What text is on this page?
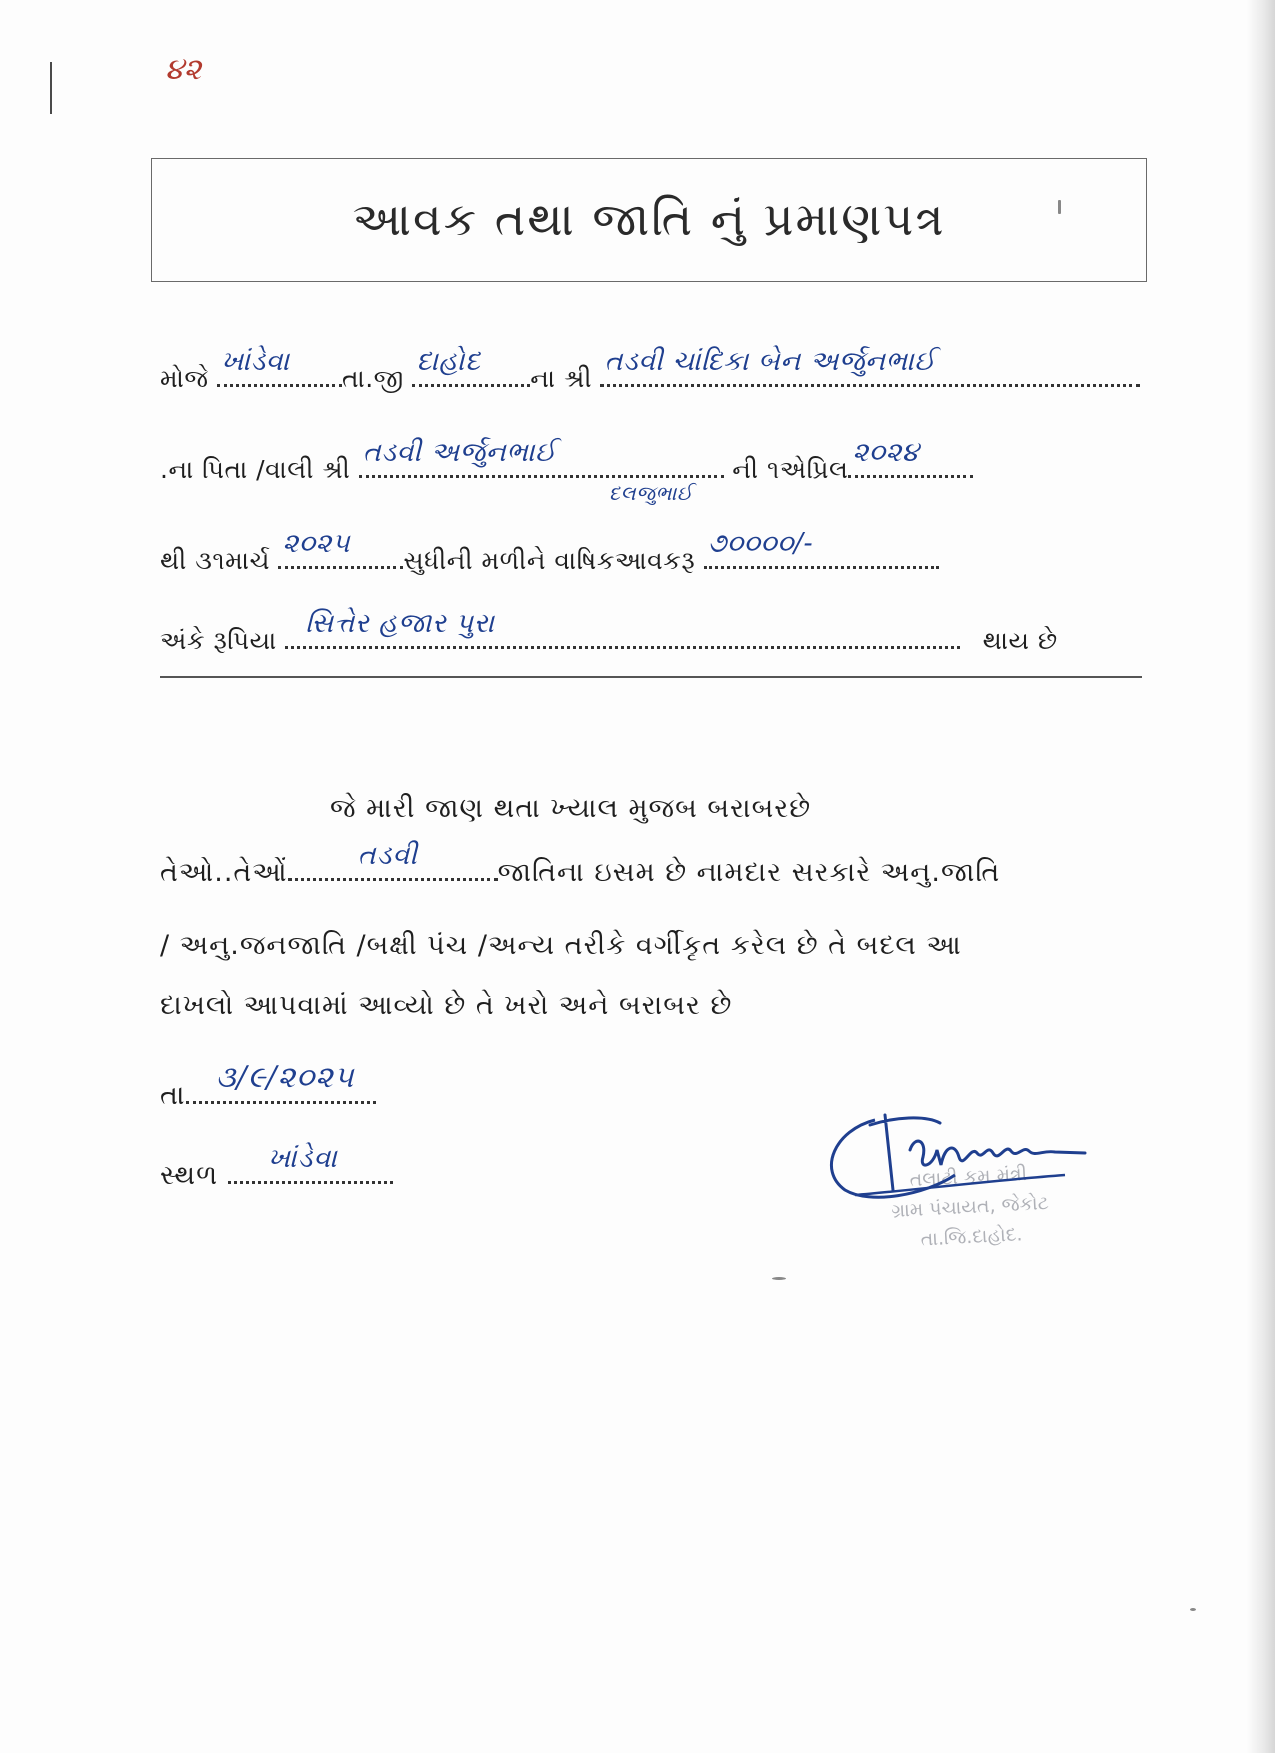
૪૨
આવક તથા જાતિ નું પ્રમાણપત્ર
મોજે
ખાંડેવા
તા.જી
દાહોદ
ના શ્રી
તડવી ચાંદિકા બેન અર્જુનભાઈ
.ના પિતા /વાલી શ્રી
તડવી અર્જુનભાઈ
દલજુભાઈ
ની ૧એપ્રિલ
૨૦૨૪
થી ૩૧માર્ચ
૨૦૨૫
સુધીની મળીને વાષિકઆવકરૂ
૭૦૦૦૦/-
અંકે રૂપિયા
સિત્તેર હજાર પુરા
થાય છે
જે મારી જાણ થતા ખ્યાલ મુજબ બરાબરછે
તેઓ..તેઓં
તડવી
જાતિના ઇસમ છે નામદાર સરકારે અનુ.જાતિ
/ અનુ.જનજાતિ /બક્ષી પંચ /અન્ય તરીકે વર્ગીકૃત કરેલ છે તે બદલ આ
દાખલો આપવામાં આવ્યો છે તે ખરો અને બરાબર છે
તા
૩/૯/૨૦૨૫
સ્થળ
ખાંડેવા
તલાટી કમ મંત્રી
ગ્રામ પંચાયત, જેકોટ
તા.જિ.દાહોદ.
